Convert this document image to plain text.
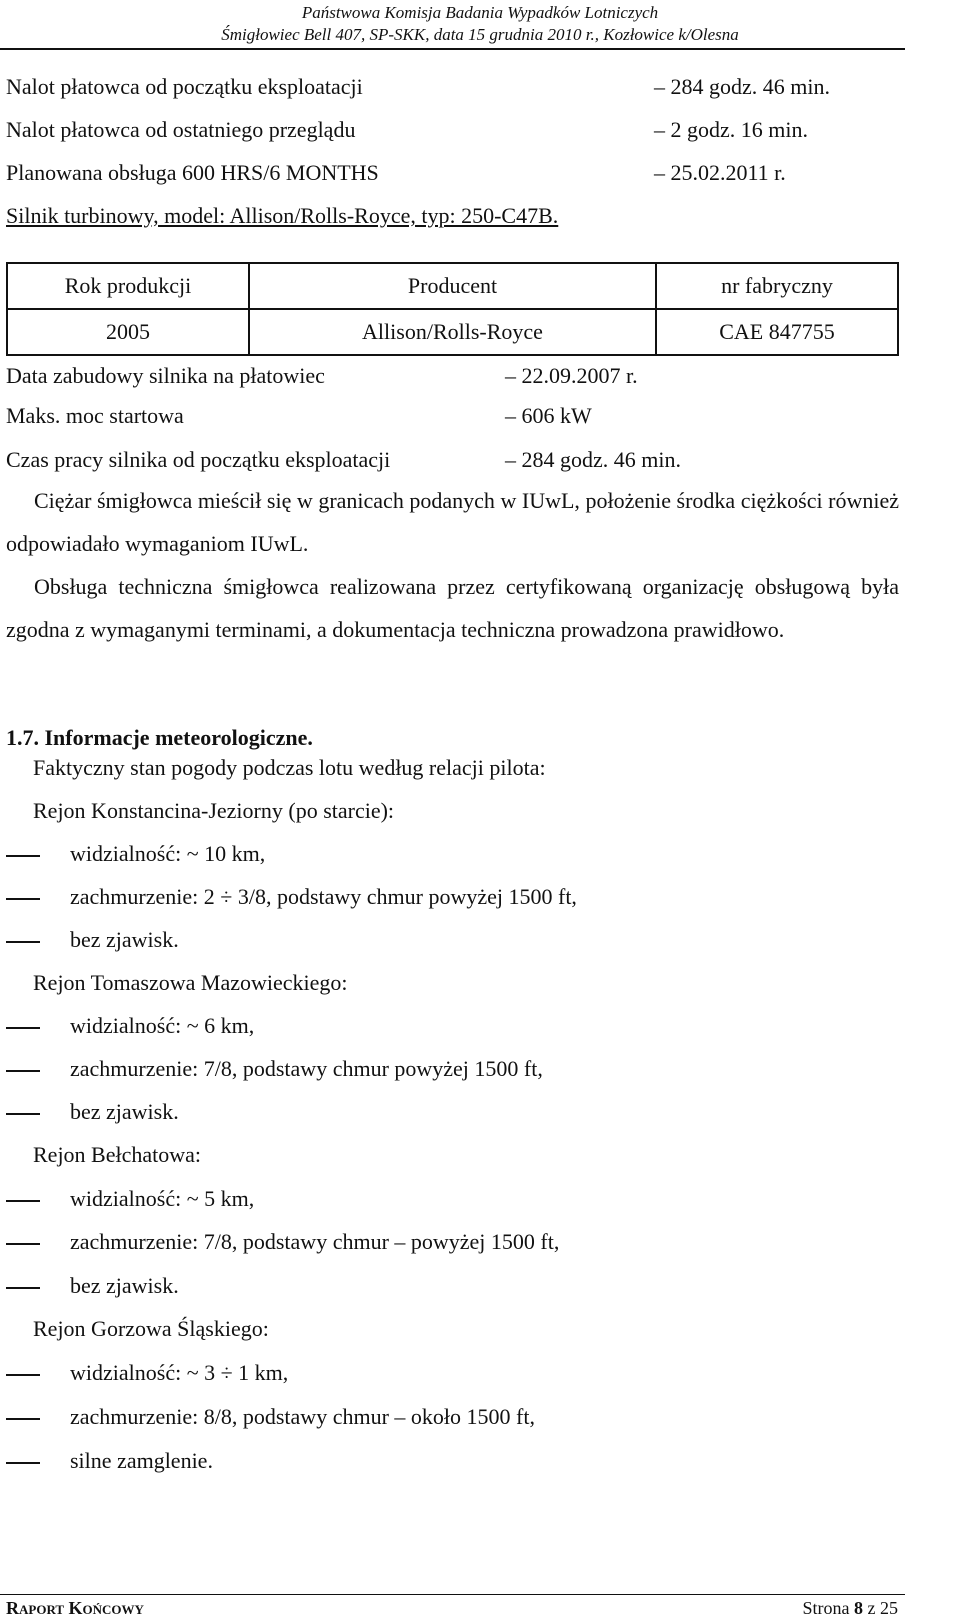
Państwowa Komisja Badania Wypadków Lotniczych
Śmigłowiec Bell 407, SP-SKK, data 15 grudnia 2010 r., Kozłowice k/Olesna
Nalot płatowca od początku eksploatacji	– 284 godz. 46 min.
Nalot płatowca od ostatniego przeglądu	– 2 godz. 16 min.
Planowana obsługa 600 HRS/6 MONTHS	– 25.02.2011 r.
Silnik turbinowy, model: Allison/Rolls-Royce, typ: 250-C47B.
Rok produkcji	Producent	nr fabryczny
2005	Allison/Rolls-Royce	CAE 847755
Data zabudowy silnika na płatowiec	– 22.09.2007 r.
Maks. moc startowa	– 606 kW
Czas pracy silnika od początku eksploatacji	– 284 godz. 46 min.
Ciężar śmigłowca mieścił się w granicach podanych w IUwL, położenie środka ciężkości również odpowiadało wymaganiom IUwL.
Obsługa techniczna śmigłowca realizowana przez certyfikowaną organizację obsługową była zgodna z wymaganymi terminami, a dokumentacja techniczna prowadzona prawidłowo.
1.7. Informacje meteorologiczne.
Faktyczny stan pogody podczas lotu według relacji pilota:
Rejon Konstancina-Jeziorny (po starcie):
widzialność: ~ 10 km,
zachmurzenie: 2 ÷ 3/8, podstawy chmur powyżej 1500 ft,
bez zjawisk.
Rejon Tomaszowa Mazowieckiego:
widzialność: ~ 6 km,
zachmurzenie: 7/8, podstawy chmur powyżej 1500 ft,
bez zjawisk.
Rejon Bełchatowa:
widzialność: ~ 5 km,
zachmurzenie: 7/8, podstawy chmur – powyżej 1500 ft,
bez zjawisk.
Rejon Gorzowa Śląskiego:
widzialność: ~ 3 ÷ 1 km,
zachmurzenie: 8/8, podstawy chmur – około 1500 ft,
silne zamglenie.
Raport Końcowy	Strona 8 z 25
